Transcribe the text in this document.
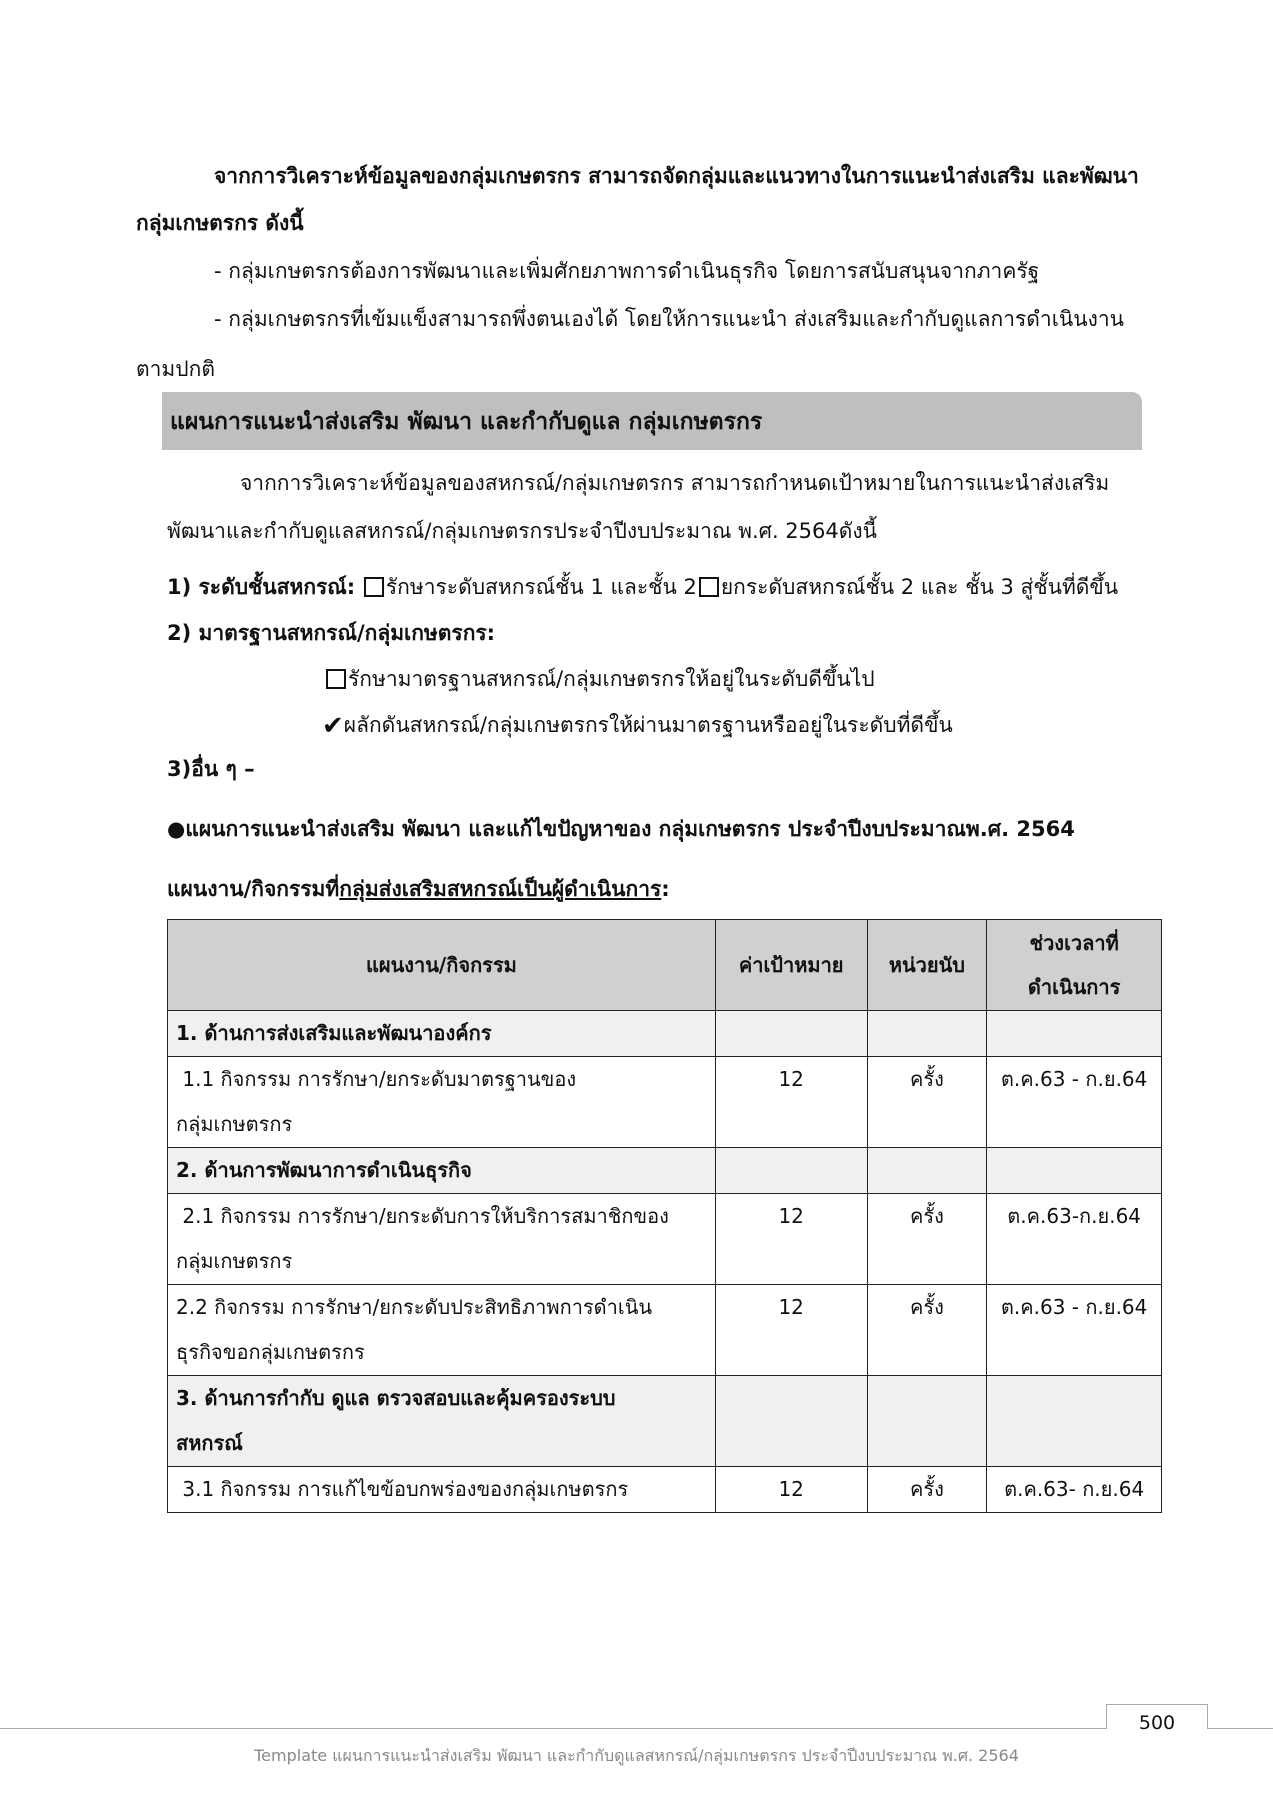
จากการวิเคราะห์ข้อมูลของกลุ่มเกษตรกร สามารถจัดกลุ่มและแนวทางในการแนะนำส่งเสริม และพัฒนา
กลุ่มเกษตรกร ดังนี้
- กลุ่มเกษตรกรต้องการพัฒนาและเพิ่มศักยภาพการดำเนินธุรกิจ โดยการสนับสนุนจากภาครัฐ
- กลุ่มเกษตรกรที่เข้มแข็งสามารถพึ่งตนเองได้ โดยให้การแนะนำ ส่งเสริมและกำกับดูแลการดำเนินงาน
ตามปกติ
แผนการแนะนำส่งเสริม พัฒนา และกำกับดูแล กลุ่มเกษตรกร
จากการวิเคราะห์ข้อมูลของสหกรณ์/กลุ่มเกษตรกร สามารถกำหนดเป้าหมายในการแนะนำส่งเสริม
พัฒนาและกำกับดูแลสหกรณ์/กลุ่มเกษตรกรประจำปีงบประมาณ พ.ศ. 2564ดังนี้
1) ระดับชั้นสหกรณ์: รักษาระดับสหกรณ์ชั้น 1 และชั้น 2 ยกระดับสหกรณ์ชั้น 2 และ ชั้น 3 สู่ชั้นที่ดีขึ้น
2) มาตรฐานสหกรณ์/กลุ่มเกษตรกร:
รักษามาตรฐานสหกรณ์/กลุ่มเกษตรกรให้อยู่ในระดับดีขึ้นไป
✔ผลักดันสหกรณ์/กลุ่มเกษตรกรให้ผ่านมาตรฐานหรืออยู่ในระดับที่ดีขึ้น
3)อื่น ๆ –
●แผนการแนะนำส่งเสริม พัฒนา และแก้ไขปัญหาของ กลุ่มเกษตรกร ประจำปีงบประมาณพ.ศ. 2564
แผนงาน/กิจกรรมที่กลุ่มส่งเสริมสหกรณ์เป็นผู้ดำเนินการ:
แผนงาน/กิจกรรม	ค่าเป้าหมาย	หน่วยนับ	ช่วงเวลาที่
ดำเนินการ

1. ด้านการส่งเสริมและพัฒนาองค์กร			

1.1 กิจกรรม การรักษา/ยกระดับมาตรฐานของ
กลุ่มเกษตรกร	12	ครั้ง	ต.ค.63 - ก.ย.64
2. ด้านการพัฒนาการดำเนินธุรกิจ			

2.1 กิจกรรม การรักษา/ยกระดับการให้บริการสมาชิกของ
กลุ่มเกษตรกร	12	ครั้ง	ต.ค.63-ก.ย.64

2.2 กิจกรรม การรักษา/ยกระดับประสิทธิภาพการดำเนิน
ธุรกิจขอกลุ่มเกษตรกร	12	ครั้ง	ต.ค.63 - ก.ย.64

3. ด้านการกำกับ ดูแล ตรวจสอบและคุ้มครองระบบ
สหกรณ์			

3.1 กิจกรรม การแก้ไขข้อบกพร่องของกลุ่มเกษตรกร	12	ครั้ง	ต.ค.63- ก.ย.64
500
Template แผนการแนะนำส่งเสริม พัฒนา และกำกับดูแลสหกรณ์/กลุ่มเกษตรกร ประจำปีงบประมาณ พ.ศ. 2564
